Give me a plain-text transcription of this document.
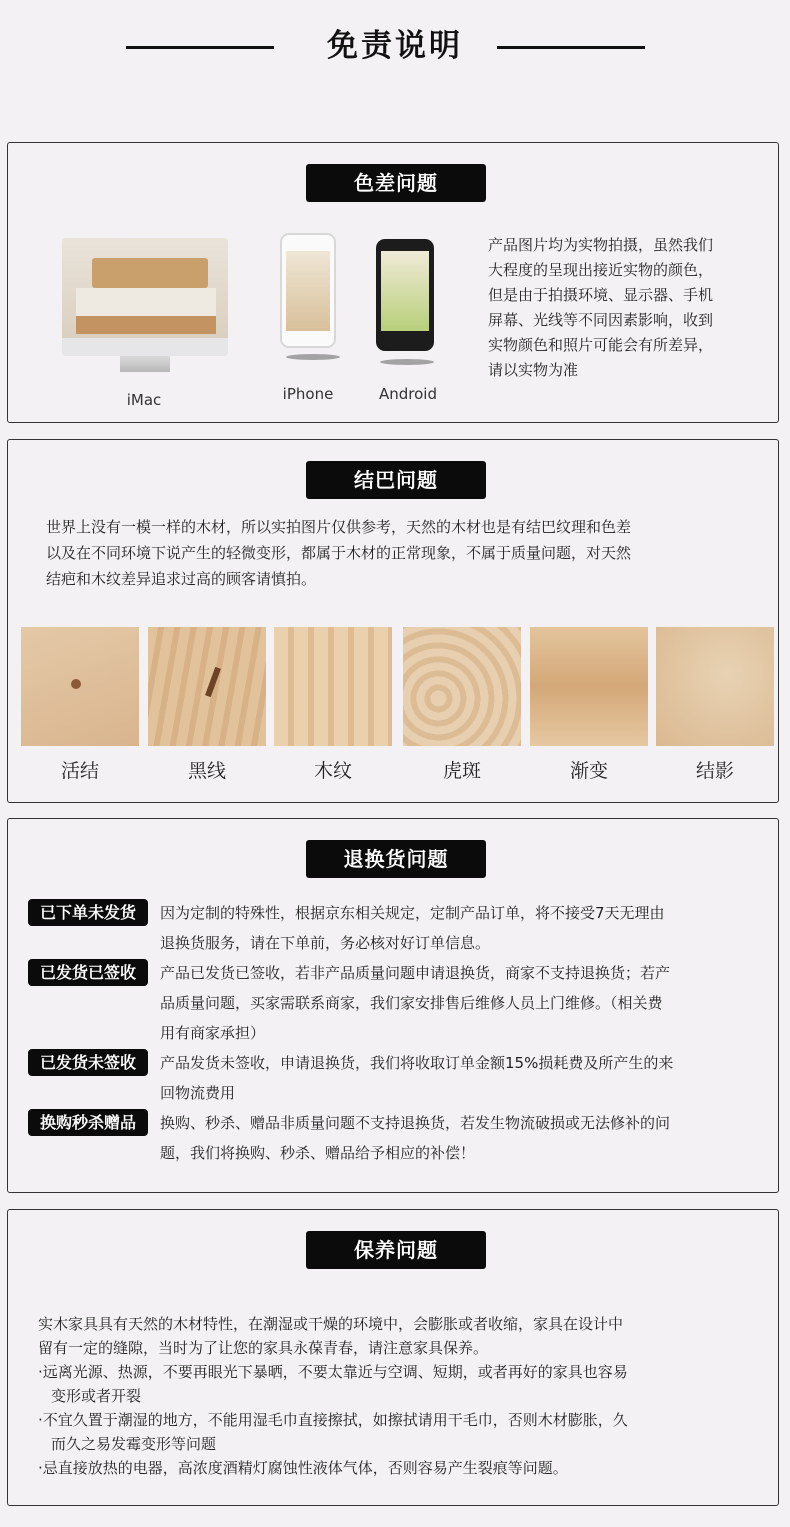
免责说明
色差问题
iMac	iPhone	Android
产品图片均为实物拍摄，虽然我们
大程度的呈现出接近实物的颜色，
但是由于拍摄环境、显示器、手机
屏幕、光线等不同因素影响，收到
实物颜色和照片可能会有所差异，
请以实物为准
结巴问题
世界上没有一模一样的木材，所以实拍图片仅供参考，天然的木材也是有结巴纹理和色差
以及在不同环境下说产生的轻微变形，都属于木材的正常现象，不属于质量问题，对天然
结疤和木纹差异追求过高的顾客请慎拍。
活结	黑线	木纹	虎斑	渐变	结影
退换货问题
已下单未发货	因为定制的特殊性，根据京东相关规定，定制产品订单，将不接受7天无理由
退换货服务，请在下单前，务必核对好订单信息。
已发货已签收	产品已发货已签收，若非产品质量问题申请退换货，商家不支持退换货；若产
品质量问题，买家需联系商家，我们家安排售后维修人员上门维修。（相关费
用有商家承担）
已发货未签收	产品发货未签收，申请退换货，我们将收取订单金额15%损耗费及所产生的来
回物流费用
换购秒杀赠品	换购、秒杀、赠品非质量问题不支持退换货，若发生物流破损或无法修补的问
题，我们将换购、秒杀、赠品给予相应的补偿！
保养问题
实木家具具有天然的木材特性，在潮湿或干燥的环境中，会膨胀或者收缩，家具在设计中
留有一定的缝隙，当时为了让您的家具永葆青春，请注意家具保养。
·远离光源、热源，不要再眼光下暴晒，不要太靠近与空调、短期，或者再好的家具也容易
变形或者开裂
·不宜久置于潮湿的地方，不能用湿毛巾直接擦拭，如擦拭请用干毛巾，否则木材膨胀，久
而久之易发霉变形等问题
·忌直接放热的电器，高浓度酒精灯腐蚀性液体气体，否则容易产生裂痕等问题。
